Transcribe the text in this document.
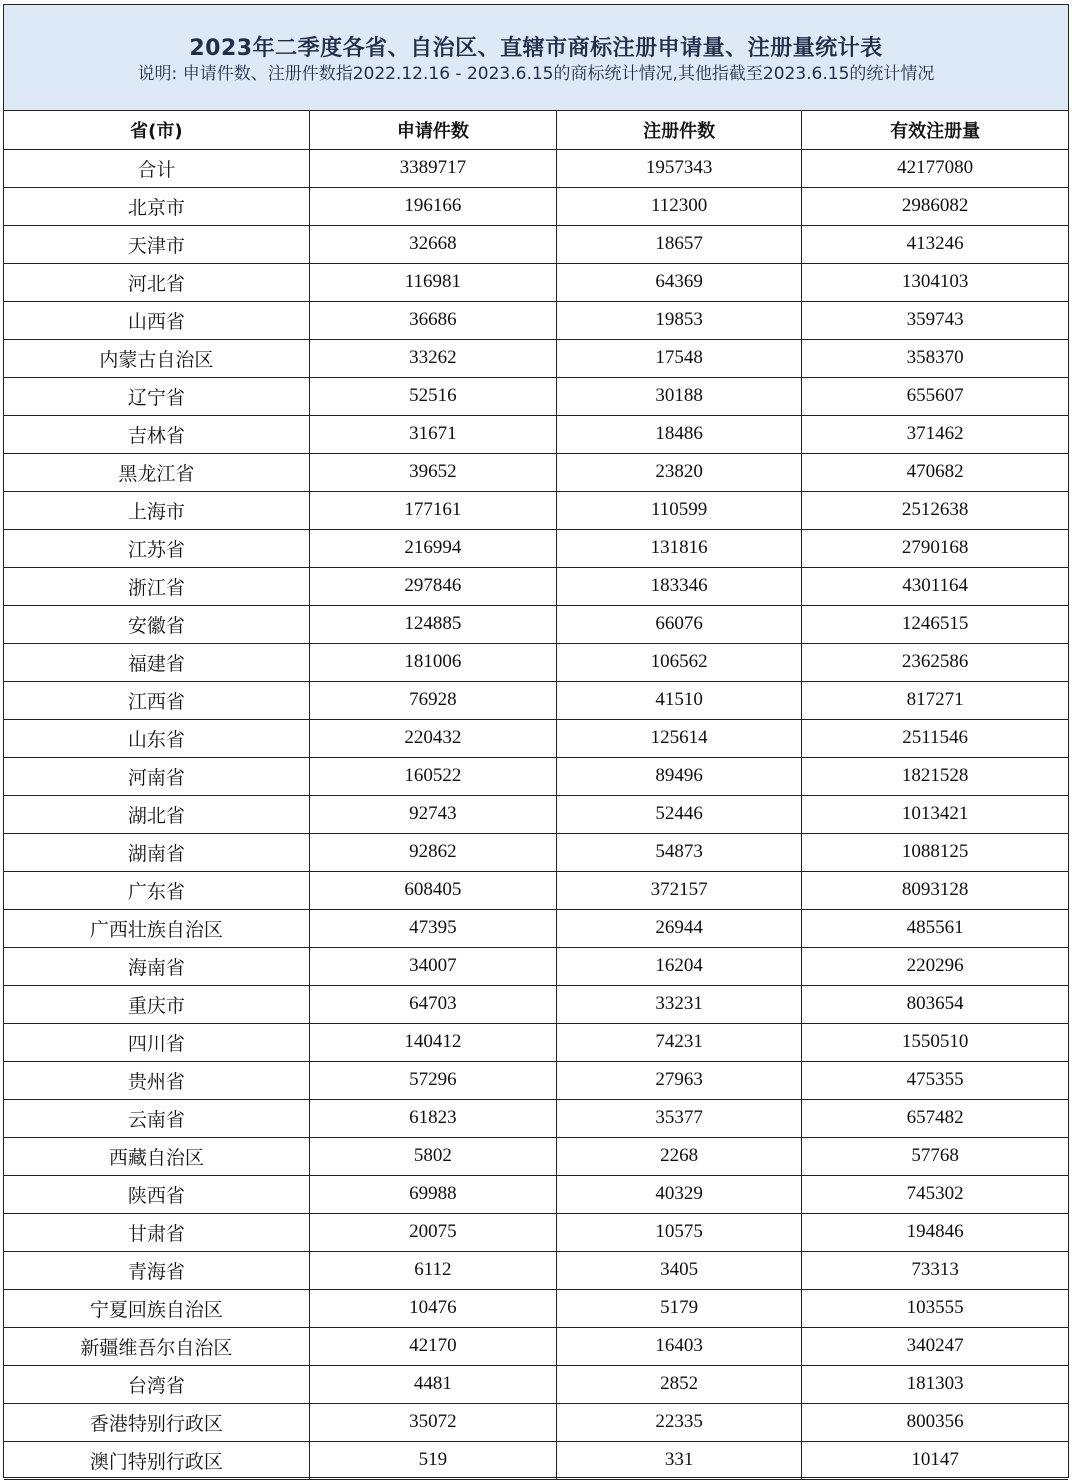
2023年二季度各省、自治区、直辖市商标注册申请量、注册量统计表
说明: 申请件数、注册件数指2022.12.16 - 2023.6.15的商标统计情况,其他指截至2023.6.15的统计情况
省(市)	申请件数	注册件数	有效注册量
合计	3389717	1957343	42177080
北京市	196166	112300	2986082
天津市	32668	18657	413246
河北省	116981	64369	1304103
山西省	36686	19853	359743
内蒙古自治区	33262	17548	358370
辽宁省	52516	30188	655607
吉林省	31671	18486	371462
黑龙江省	39652	23820	470682
上海市	177161	110599	2512638
江苏省	216994	131816	2790168
浙江省	297846	183346	4301164
安徽省	124885	66076	1246515
福建省	181006	106562	2362586
江西省	76928	41510	817271
山东省	220432	125614	2511546
河南省	160522	89496	1821528
湖北省	92743	52446	1013421
湖南省	92862	54873	1088125
广东省	608405	372157	8093128
广西壮族自治区	47395	26944	485561
海南省	34007	16204	220296
重庆市	64703	33231	803654
四川省	140412	74231	1550510
贵州省	57296	27963	475355
云南省	61823	35377	657482
西藏自治区	5802	2268	57768
陕西省	69988	40329	745302
甘肃省	20075	10575	194846
青海省	6112	3405	73313
宁夏回族自治区	10476	5179	103555
新疆维吾尔自治区	42170	16403	340247
台湾省	4481	2852	181303
香港特别行政区	35072	22335	800356
澳门特别行政区	519	331	10147
